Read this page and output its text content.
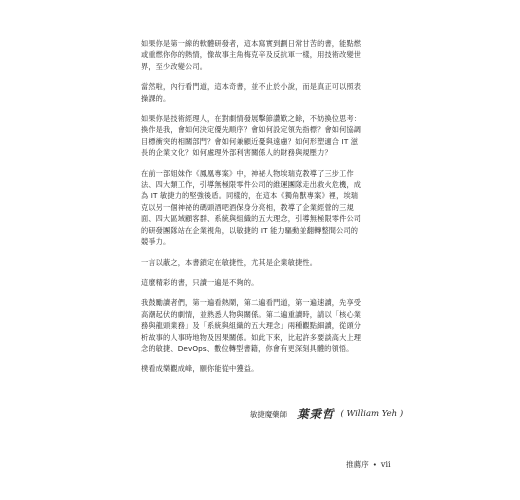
如果你是第一線的軟體研發者，這本寫實到劃日常甘苦的書，能點燃
或重燃你你的熱情，像故事主角梅克辛及反抗軍一樣，用技術改變世
界，至少改變公司。

當然啦，內行看門道，這本奇書，並不止於小說，而是真正可以照表
操課的。

如果你是技術經理人，在對劇情發展擊節讚歎之餘，不妨換位思考：
換作是我，會如何決定優先順序？會如何設定領先指標？會如何協調
目標衝突的相關部門？會如何兼顧近憂與遠慮？如何形塑適合 IT 滋
長的企業文化？如何處理外部利害關係人的財務與規壓力？

在前一部姐妹作《鳳凰專案》中，神祕人物埃瑞克教導了三步工作
法、四大類工作，引導無極限零件公司的維運團隊走出救火危機，成
為 IT 敏捷力的堅強後盾。同樣的，在這本《獨角獸專案》裡，埃瑞
克以另一個神祕的碼頭酒吧酒保身分亮相，教導了企業經營的三規
面、四大區域顧客群、系統與組織的五大理念，引導無極限零件公司
的研發團隊站在企業視角，以敏捷的 IT 能力驅動並翻轉整間公司的
競爭力。

一言以蔽之，本書鎖定在敏捷性，尤其是企業敏捷性。

這麼精彩的書，只讀一遍是不夠的。

我鼓勵讀者們，第一遍看熱鬧，第二遍看門道，第一遍速讀，先享受
高潮起伏的劇情，並熟悉人物與關係。第二遍重讀時，請以「核心業
務與龍頭業務」及「系統與組織的五大理念」兩種觀點細讀，從頭分
析故事的人事時地物及因果關係。如此下來，比起許多要談高大上理
念的敏捷、DevOps、數位轉型書籍，你會有更深刻具體的領悟。

樸看成樂觀成峰，願你能從中獲益。

敏捷魔藥師 葉秉哲 ( William Yeh )
推薦序 • vii
